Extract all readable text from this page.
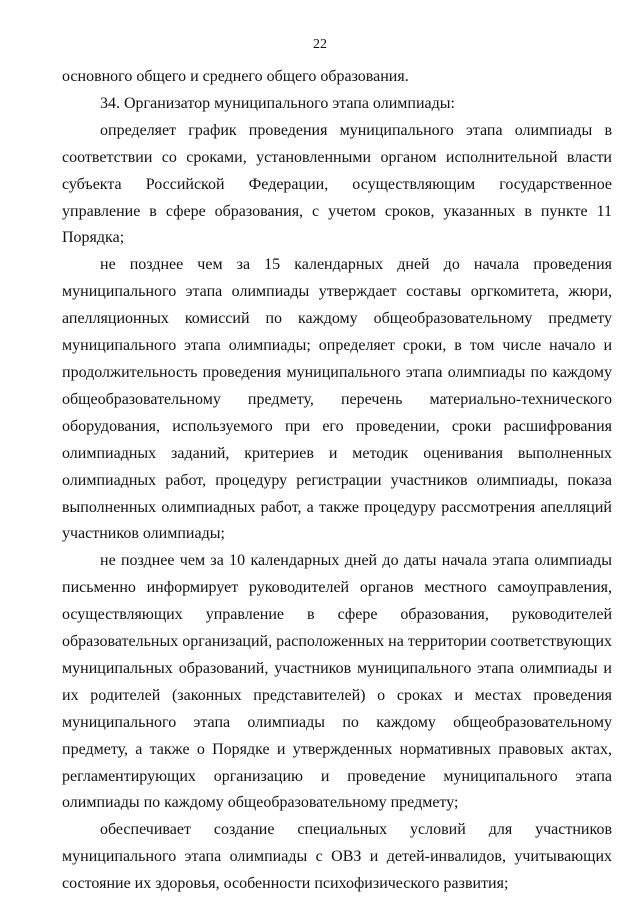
22

основного общего и среднего общего образования.

34. Организатор муниципального этапа олимпиады:

определяет график проведения муниципального этапа олимпиады в соответствии со сроками, установленными органом исполнительной власти субъекта Российской Федерации, осуществляющим государственное управление в сфере образования, с учетом сроков, указанных в пункте 11 Порядка;

не позднее чем за 15 календарных дней до начала проведения муниципального этапа олимпиады утверждает составы оргкомитета, жюри, апелляционных комиссий по каждому общеобразовательному предмету муниципального этапа олимпиады; определяет сроки, в том числе начало и продолжительность проведения муниципального этапа олимпиады по каждому общеобразовательному предмету, перечень материально-технического оборудования, используемого при его проведении, сроки расшифрования олимпиадных заданий, критериев и методик оценивания выполненных олимпиадных работ, процедуру регистрации участников олимпиады, показа выполненных олимпиадных работ, а также процедуру рассмотрения апелляций участников олимпиады;

не позднее чем за 10 календарных дней до даты начала этапа олимпиады письменно информирует руководителей органов местного самоуправления, осуществляющих управление в сфере образования, руководителей образовательных организаций, расположенных на территории соответствующих муниципальных образований, участников муниципального этапа олимпиады и их родителей (законных представителей) о сроках и местах проведения муниципального этапа олимпиады по каждому общеобразовательному предмету, а также о Порядке и утвержденных нормативных правовых актах, регламентирующих организацию и проведение муниципального этапа олимпиады по каждому общеобразовательному предмету;

обеспечивает создание специальных условий для участников муниципального этапа олимпиады с ОВЗ и детей-инвалидов, учитывающих состояние их здоровья, особенности психофизического развития;
